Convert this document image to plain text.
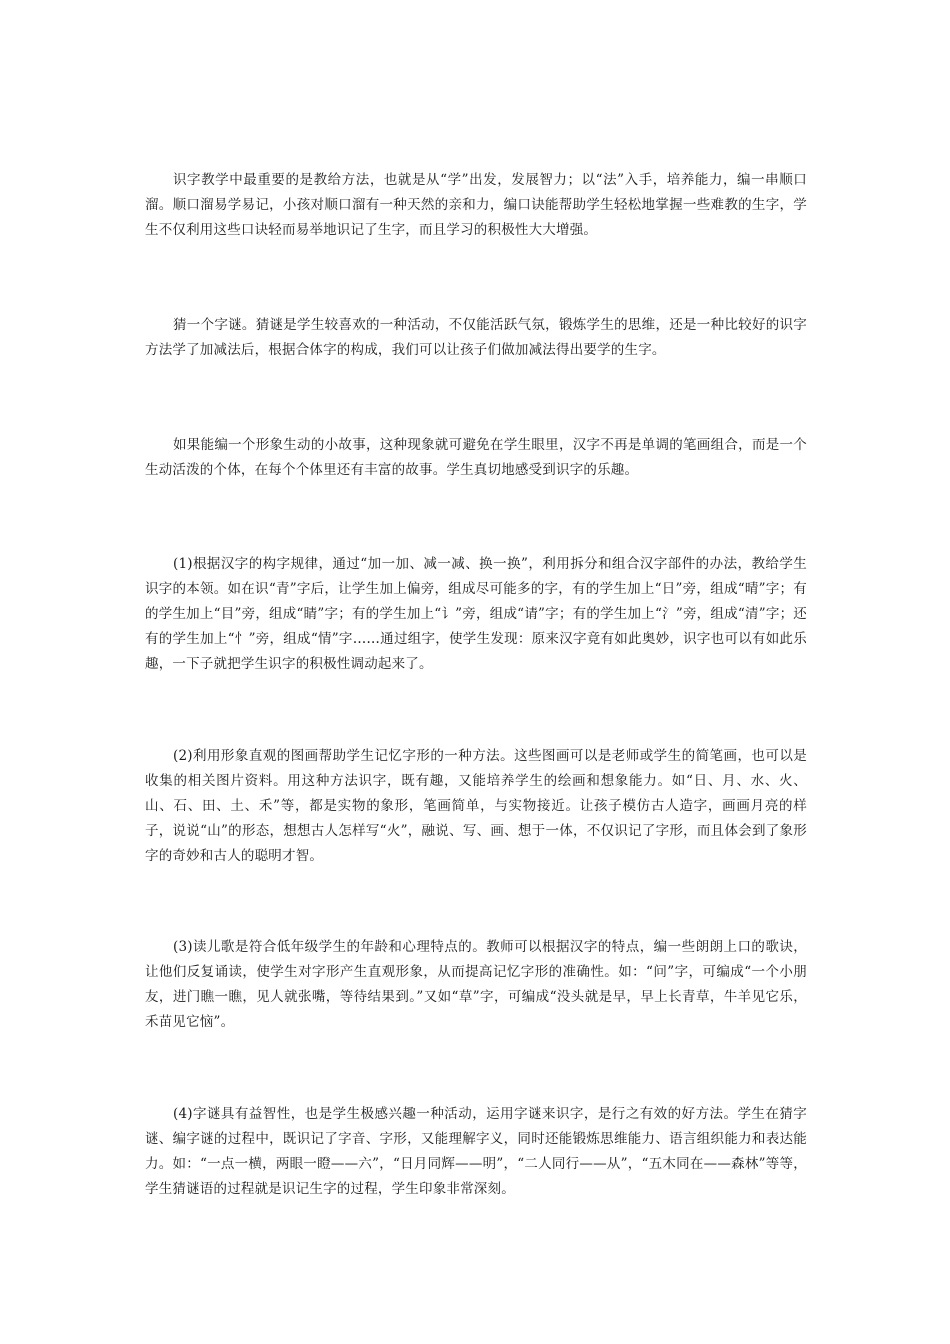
识字教学中最重要的是教给方法，也就是从“学”出发，发展智力；以“法”入手，培养能力，编一串顺口溜。顺口溜易学易记，小孩对顺口溜有一种天然的亲和力，编口诀能帮助学生轻松地掌握一些难教的生字，学生不仅利用这些口诀轻而易举地识记了生字，而且学习的积极性大大增强。

猜一个字谜。猜谜是学生较喜欢的一种活动，不仅能活跃气氛，锻炼学生的思维，还是一种比较好的识字方法学了加减法后，根据合体字的构成，我们可以让孩子们做加减法得出要学的生字。

如果能编一个形象生动的小故事，这种现象就可避免在学生眼里，汉字不再是单调的笔画组合，而是一个生动活泼的个体，在每个个体里还有丰富的故事。学生真切地感受到识字的乐趣。

(1)根据汉字的构字规律，通过“加一加、减一减、换一换”，利用拆分和组合汉字部件的办法，教给学生识字的本领。如在识“青”字后，让学生加上偏旁，组成尽可能多的字，有的学生加上“日”旁，组成“晴”字；有的学生加上“目”旁，组成“睛”字；有的学生加上“讠”旁，组成“请”字；有的学生加上“氵”旁，组成“清”字；还有的学生加上“忄”旁，组成“情”字……通过组字，使学生发现：原来汉字竟有如此奥妙，识字也可以有如此乐趣，一下子就把学生识字的积极性调动起来了。

(2)利用形象直观的图画帮助学生记忆字形的一种方法。这些图画可以是老师或学生的简笔画，也可以是收集的相关图片资料。用这种方法识字，既有趣，又能培养学生的绘画和想象能力。如“日、月、水、火、山、石、田、土、禾”等，都是实物的象形，笔画简单，与实物接近。让孩子模仿古人造字，画画月亮的样子，说说“山”的形态，想想古人怎样写“火”，融说、写、画、想于一体，不仅识记了字形，而且体会到了象形字的奇妙和古人的聪明才智。

(3)读儿歌是符合低年级学生的年龄和心理特点的。教师可以根据汉字的特点，编一些朗朗上口的歌诀，让他们反复诵读，使学生对字形产生直观形象，从而提高记忆字形的准确性。如：“问”字，可编成“一个小朋友，进门瞧一瞧，见人就张嘴，等待结果到。”又如“草”字，可编成“没头就是早，早上长青草，牛羊见它乐，禾苗见它恼”。

(4)字谜具有益智性，也是学生极感兴趣一种活动，运用字谜来识字，是行之有效的好方法。学生在猜字谜、编字谜的过程中，既识记了字音、字形，又能理解字义，同时还能锻炼思维能力、语言组织能力和表达能力。如：“一点一横，两眼一瞪——六”，“日月同辉——明”，“二人同行——从”，“五木同在——森林”等等，学生猜谜语的过程就是识记生字的过程，学生印象非常深刻。
